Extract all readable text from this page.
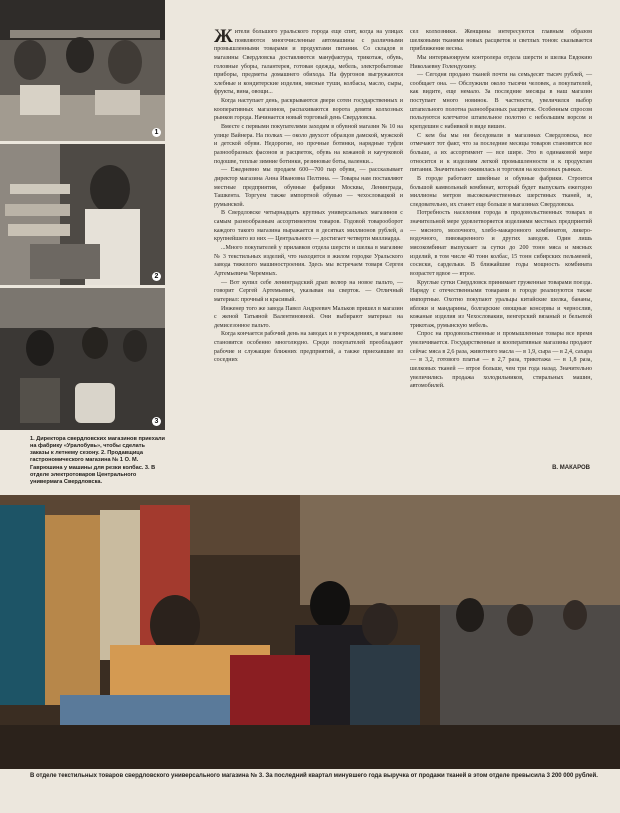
1
2
3
1. Директора свердловских магазинов приехали на фабрику «Уралобувь», чтобы сделать заказы к летнему сезону. 2. Продавщица гастрономического магазина № 1 О. М. Гаврюшина у машины для резки колбас. 3. В отделе электротоваров Центрального универмага Свердловска.

Жители большого уральского города еще спят, когда на улицах появляются многочисленные автомашины с различными промышленными товарами и продуктами питания. Со складов в магазины Свердловска доставляются мануфактура, трикотаж, обувь, головные уборы, галантерея, готовая одежда, мебель, электробытовые приборы, предметы домашнего обихода. На фургонов выгружаются хлебные и кондитерские изделия, мясные туши, колбасы, масло, сыры, фрукты, вина, овощи...

Когда наступает день, раскрываются двери сотен государственных и кооперативных магазинов, распахиваются ворота девяти колхозных рынков города. Начинается новый торговый день Свердловска.

Вместе с первыми покупателями заходим в обувной магазин № 10 на улице Вайнера. На полках — около двухсот образцов дамской, мужской и детской обуви. Недорогие, но прочные ботинки, нарядные туфли разнообразных фасонов и расцветок, обувь на кожаной и каучуковой подошве, теплые зимние ботинки, резиновые боты, валенки...

— Ежедневно мы продаем 600—700 пар обуви, — рассказывает директор магазина Анна Ивановна Пелтина. — Товары нам поставляют местные предприятия, обувные фабрики Москвы, Ленинграда, Ташкента. Торгуем также импортной обувью — чехословацкой и румынской.

В Свердловске четырнадцать крупных универсальных магазинов с самым разнообразным ассортиментом товаров. Годовой товарооборот каждого такого магазина выражается в десятках миллионов рублей, а крупнейшего из них — Центрального — достигает четверти миллиарда.

...Много покупателей у прилавков отдела шерсти и шелка в магазине № 3 текстильных изделий, что находится в жилом городке Уральского завода тяжелого машиностроения. Здесь мы встречаем товаря Сергея Артемьевича Черемных.

— Вот купил себе ленинградский драп велюр на новое пальто, — говорит Сергей Артемьевич, указывая на сверток. — Отличный материал: прочный и красивый.

Инженер того же завода Павел Андреевич Мальков пришел в магазин с женой Татьяной Валентиновной. Они выбирают материал на демисезонное пальто.

Когда кончается рабочий день на заводах и в учреждениях, в магазине становится особенно многолюдно. Среди покупателей преобладают рабочие и служащие ближних предприятий, а также приехавшие из соседних

сел колхозники. Женщины интересуются главным образом шелковыми тканями новых расцветок и светлых тонов: сказывается приближение весны.

Мы интервьюируем контролера отдела шерсти и шелка Евдокию Николаевну Голендухину.

— Сегодня продано тканей почти на семьдесят тысяч рублей, — сообщает она. — Обслужили около тысячи человек, а покупателей, как видите, еще немало. За последние месяцы в наш магазин поступает много новинок. В частности, увеличился выбор штапельного полотна разнообразных расцветок. Особенным спросом пользуются клетчатое штапельное полотно с небольшим ворсом и крепдешин с набивкой в виде вишен.

С кем бы мы ни беседовали в магазинах Свердловска, все отмечают тот факт, что за последние месяцы товаров становится все больше, а их ассортимент — все шире. Это в одинаковой мере относится и к изделиям легкой промышленности и к продуктам питания. Значительно оживилась и торговля на колхозных рынках.

В городе работают швейные и обувные фабрики. Строится большой камвольный комбинат, который будет выпускать ежегодно миллионы метров высококачественных шерстяных тканей, и, следовательно, их станет еще больше в магазинах Свердловска.

Потребность населения города в продовольственных товарах в значительной мере удовлетворяется изделиями местных предприятий — мясного, молочного, хлебо-макаронного комбинатов, ликеро-водочного, пивоваренного и других заводов. Один лишь мясокомбинат выпускает за сутки до 200 тонн мяса и мясных изделий, в том числе 40 тонн колбас, 15 тонн сибирских пельменей, сосиски, сардельки. В ближайшие годы мощность комбината возрастет вдвое — втрое.

Круглые сутки Свердловск принимает груженные товарами поезда. Наряду с отечественными товарами в городе реализуются также импортные. Охотно покупают уральцы китайские шелка, бананы, яблоки и мандарины, болгарские овощные консервы и чернослив, кожаные изделия из Чехословакии, венгерский вязаный и бельевой трикотаж, румынскую мебель.

Спрос на продовольственные и промышленные товары все время увеличивается. Государственные и кооперативные магазины продают сейчас мяса в 2,6 раза, животного масла — в 1,9, сыра — в 2,4, сахара — в 3,2, готового платья — в 2,7 раза, трикотажа — в 1,8 раза, шелковых тканей — втрое больше, чем три года назад. Значительно увеличились продажа холодильников, стиральных машин, автомобилей.

В. МАКАРОВ
В отделе текстильных товаров свердловского универсального магазина № 3. За последний квартал минувшего года выручка от продажи тканей в этом отделе превысила 3 200 000 рублей.
